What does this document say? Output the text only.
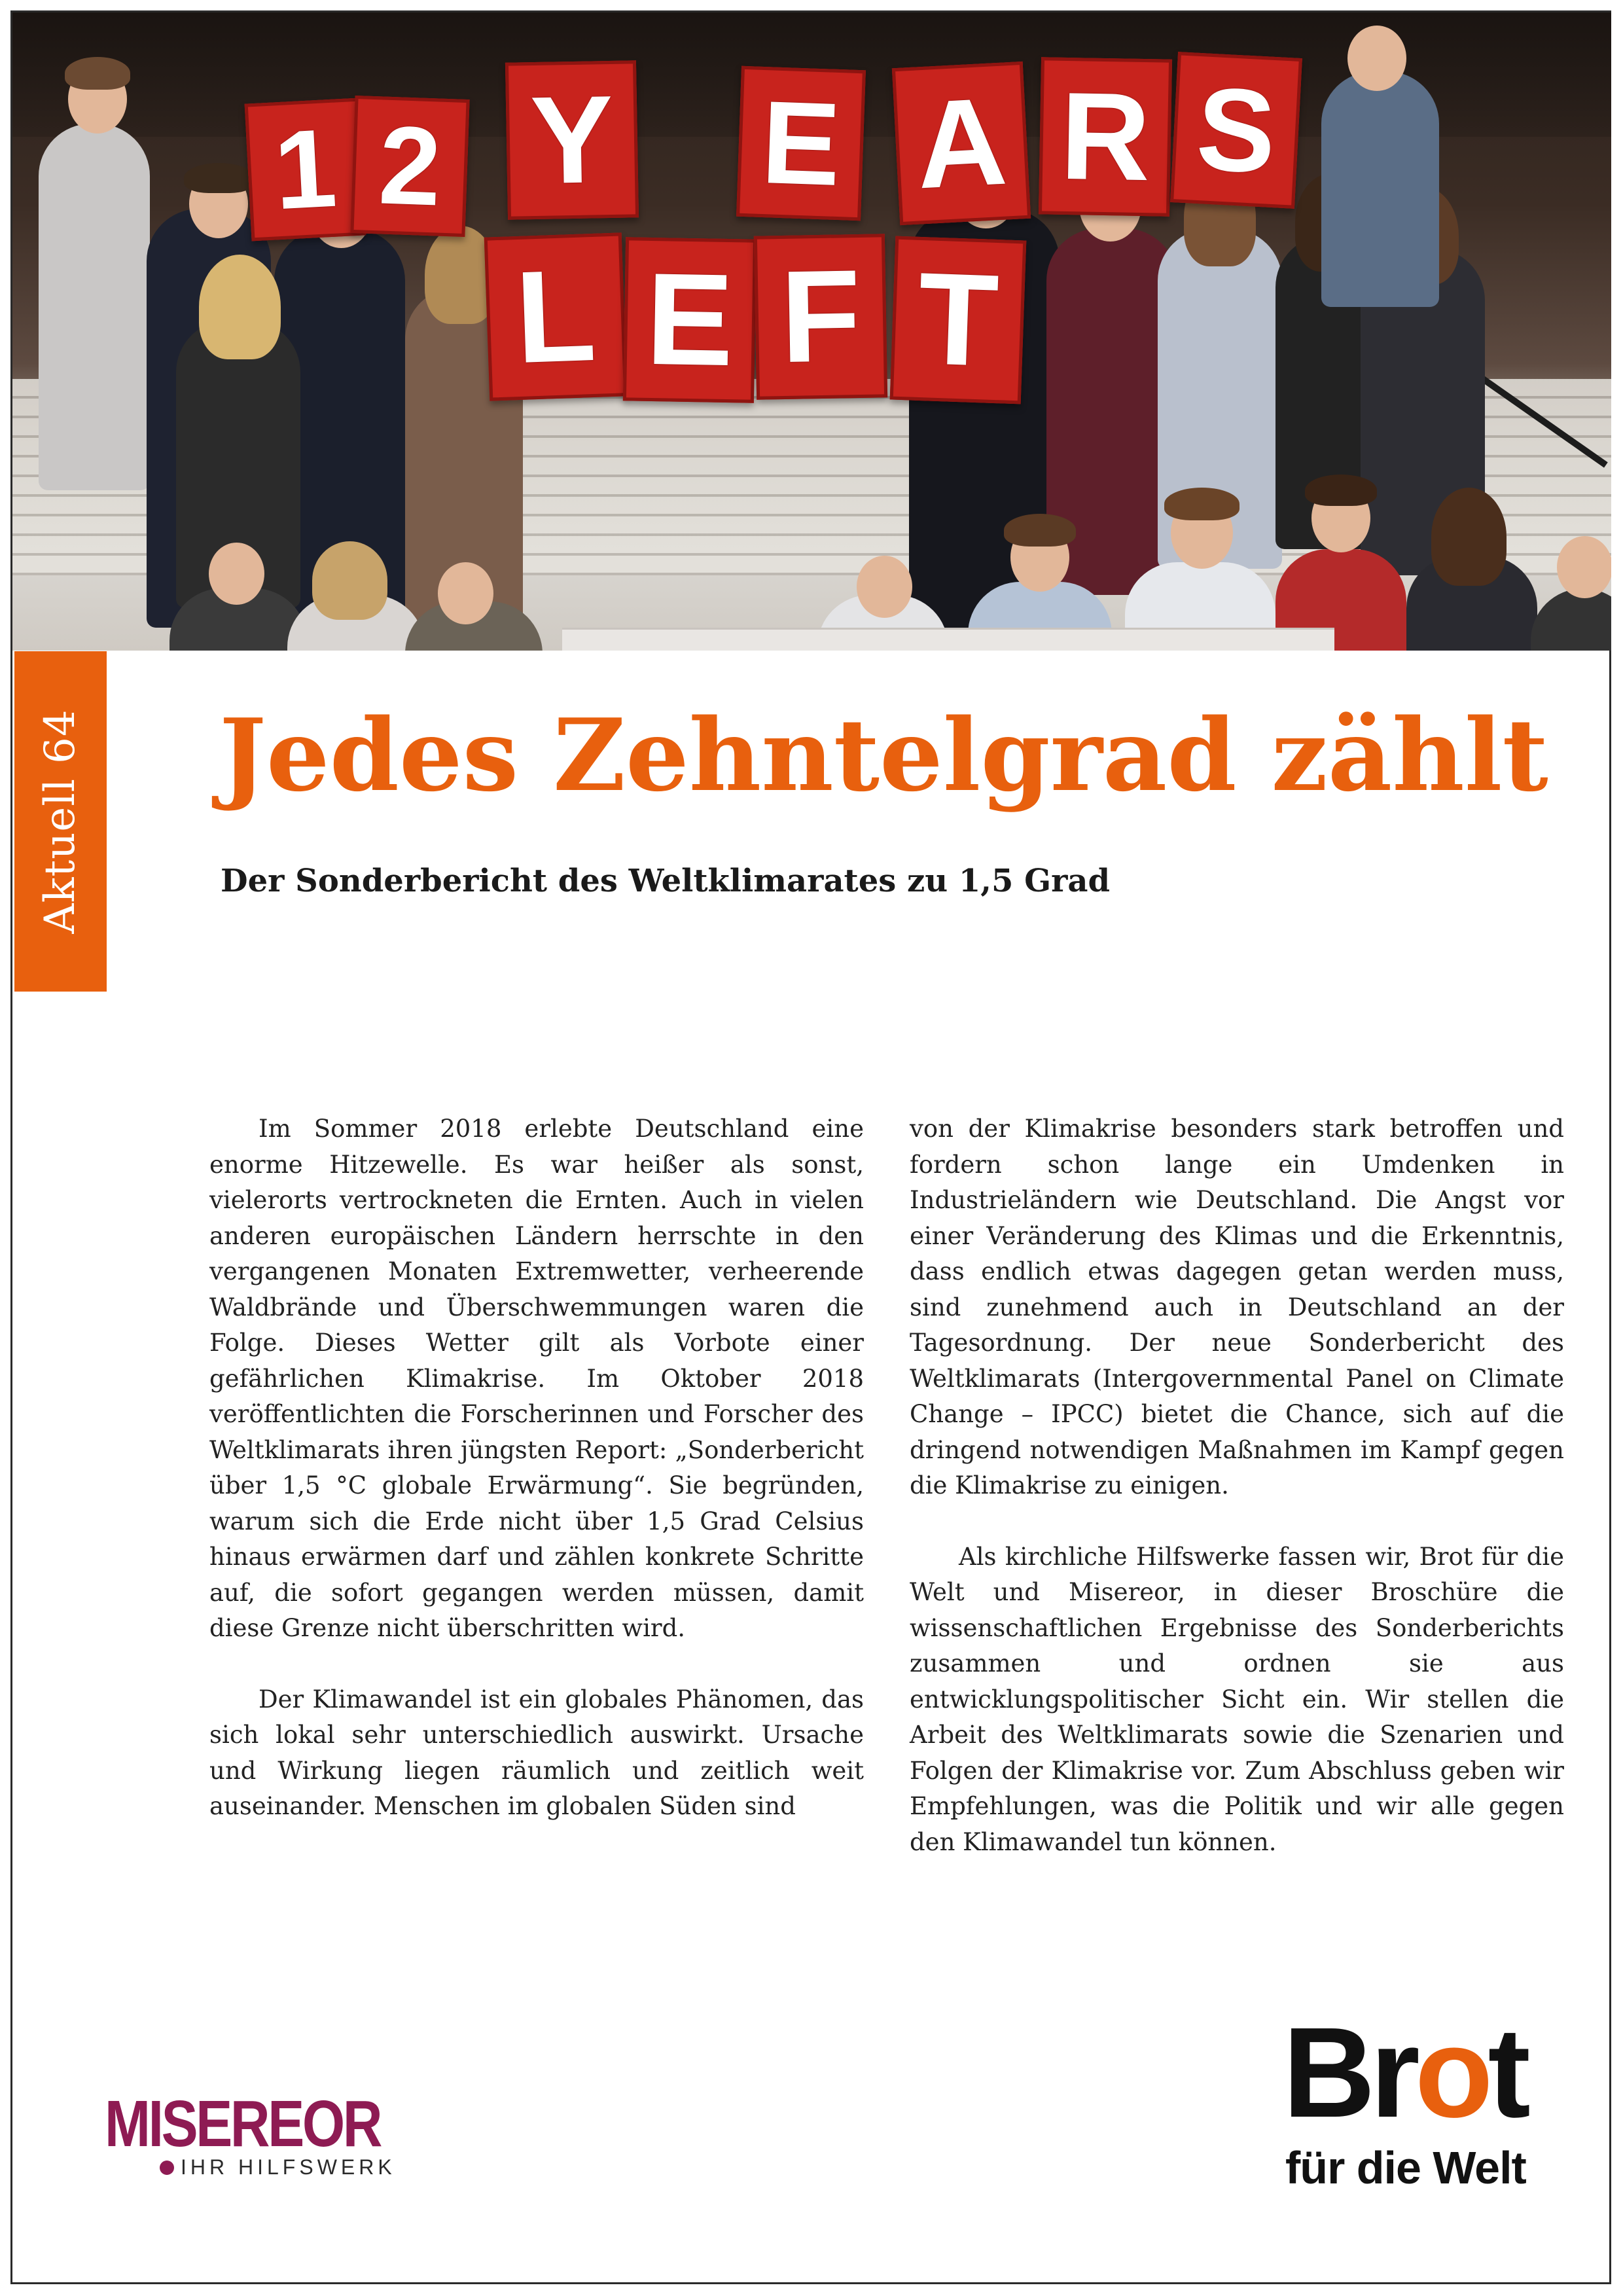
1 2 Y E A R S
L E F T
Aktuell64 Jedes Zehntelgrad zählt
Der Sonderbericht des Weltklimarates zu 1,5 Grad

Im Sommer 2018 erlebte Deutschland eine enorme Hitzewelle. Es war heißer als sonst, vielerorts vertrockneten die Ernten. Auch in vielen anderen europäischen Ländern herrschte in den vergangenen Monaten Extremwetter, verheerende Waldbrände und Überschwemmungen waren die Folge. Dieses Wetter gilt als Vorbote einer gefährlichen Klimakrise. Im Oktober 2018 veröffentlichten die Forscherinnen und Forscher des Weltklimarats ihren jüngsten Report: „Sonderbericht über 1,5 °C globale Erwärmung“. Sie begründen, warum sich die Erde nicht über 1,5 Grad Celsius hinaus erwärmen darf und zählen konkrete Schritte auf, die sofort gegangen werden müssen, damit diese Grenze nicht überschritten wird.

Der Klimawandel ist ein globales Phänomen, das sich lokal sehr unterschiedlich auswirkt. Ursache und Wirkung liegen räumlich und zeitlich weit auseinander. Menschen im globalen Süden sind

von der Klimakrise besonders stark betroffen und fordern schon lange ein Umdenken in Industrieländern wie Deutschland. Die Angst vor einer Veränderung des Klimas und die Erkenntnis, dass endlich etwas dagegen getan werden muss, sind zunehmend auch in Deutschland an der Tagesordnung. Der neue Sonderbericht des Weltklimarats (Intergovernmental Panel on Climate Change – IPCC) bietet die Chance, sich auf die dringend notwendigen Maßnahmen im Kampf gegen die Klimakrise zu einigen.

Als kirchliche Hilfswerke fassen wir, Brot für die Welt und Misereor, in dieser Broschüre die wissenschaftlichen Ergebnisse des Sonderberichts zusammen und ordnen sie aus entwicklungspolitischer Sicht ein. Wir stellen die Arbeit des Weltklimarats sowie die Szenarien und Folgen der Klimakrise vor. Zum Abschluss geben wir Empfehlungen, was die Politik und wir alle gegen den Klimawandel tun können.

MISEREOR
IHR HILFSWERK
Brot
für die Welt
